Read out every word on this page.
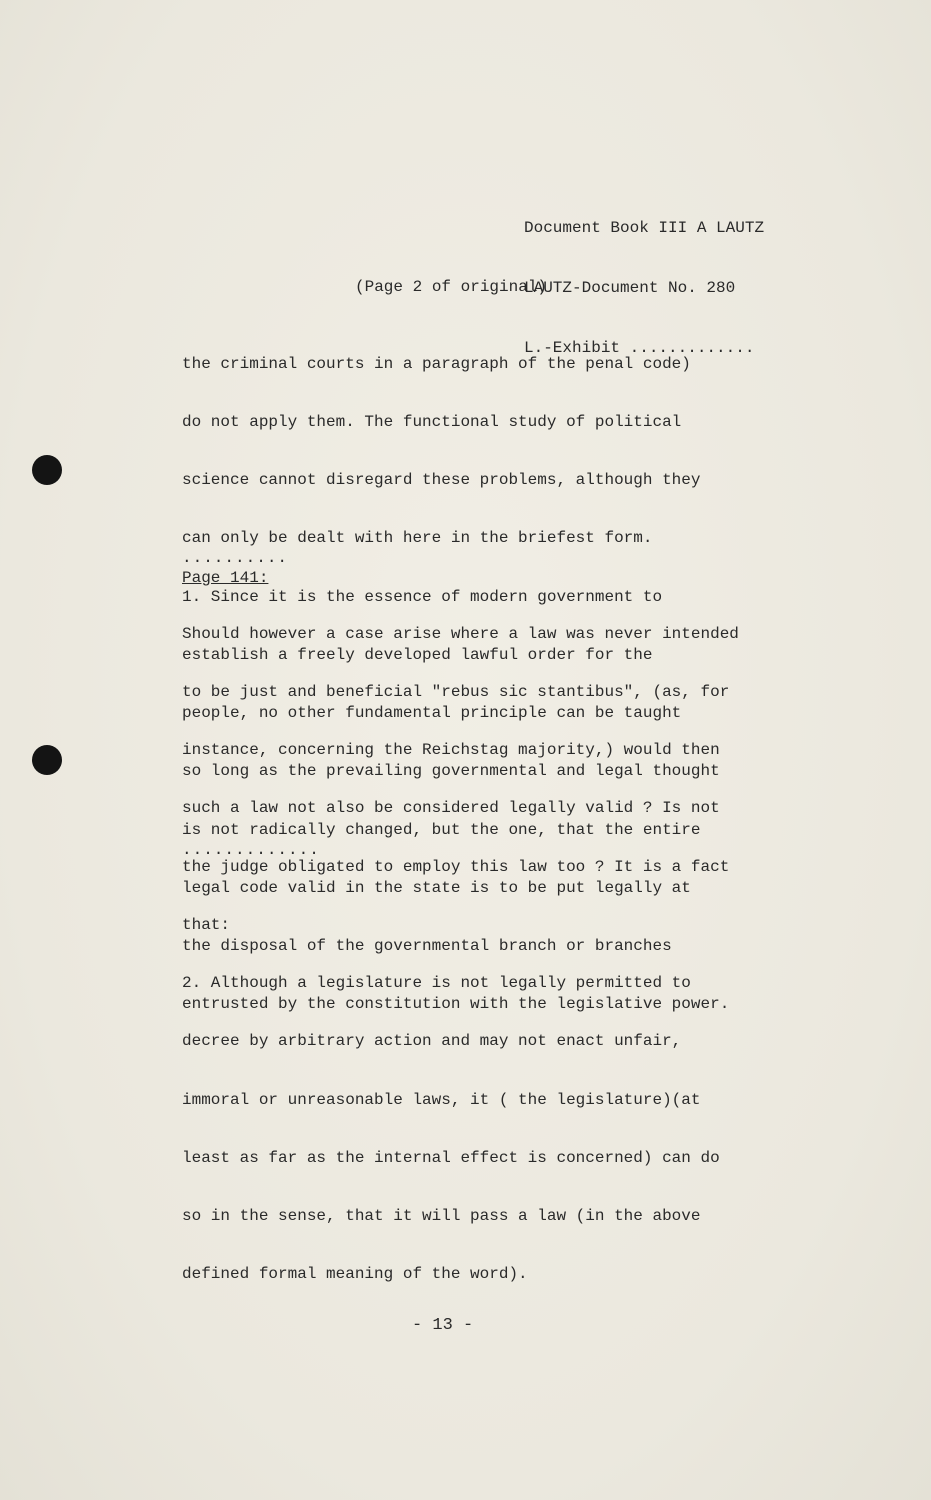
Document Book III A LAUTZ

LAUTZ-Document No. 280

L.-Exhibit .............

(Page 2 of original)

the criminal courts in a paragraph of the penal code)

do not apply them. The functional study of political

science cannot disregard these problems, although they

can only be dealt with here in the briefest form.

1. Since it is the essence of modern government to

establish a freely developed lawful order for the

people, no other fundamental principle can be taught

so long as the prevailing governmental and legal thought

is not radically changed, but the one, that the entire

legal code valid in the state is to be put legally at

the disposal of the governmental branch or branches

entrusted by the constitution with the legislative power.

..........
Page 141:

Should however a case arise where a law was never intended

to be just and beneficial "rebus sic stantibus", (as, for

instance, concerning the Reichstag majority,) would then

such a law not also be considered legally valid ? Is not

the judge obligated to employ this law too ? It is a fact

that:

2. Although a legislature is not legally permitted to

decree by arbitrary action and may not enact unfair,

immoral or unreasonable laws, it ( the legislature)(at

least as far as the internal effect is concerned) can do

so in the sense, that it will pass a law (in the above

defined formal meaning of the word).

.............
- 13 -
